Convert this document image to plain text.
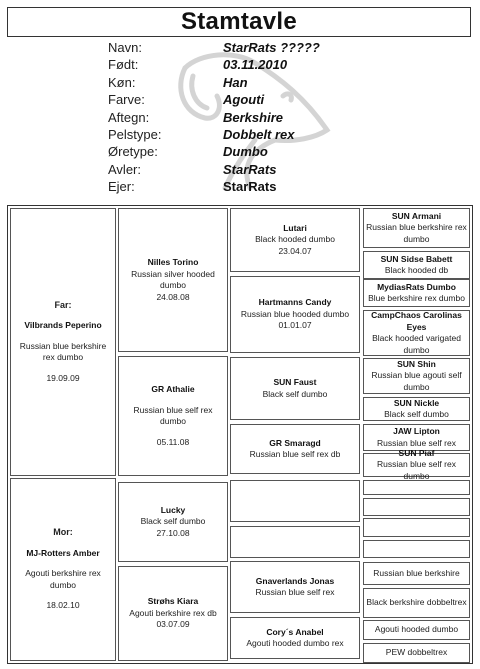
Stamtavle
Navn:	StarRats ?????
Født:	03.11.2010
Køn:	Han
Farve:	Agouti
Aftegn:	Berkshire
Pelstype:	Dobbelt rex
Øretype:	Dumbo
Avler:	StarRats
Ejer:	StarRats
Far:
Vilbrands Peperino
Russian blue berkshire rex dumbo
19.09.09
Mor:
MJ-Rotters Amber
Agouti berkshire rex dumbo
18.02.10
Nilles Torino
Russian silver hooded dumbo
24.08.08
GR Athalie
Russian blue self rex dumbo
05.11.08
Lucky
Black self dumbo
27.10.08
Strøhs Kiara
Agouti berkshire rex db
03.07.09
Lutari
Black hooded dumbo
23.04.07
Hartmanns Candy
Russian blue hooded dumbo
01.01.07
SUN Faust
Black self dumbo
GR Smaragd
Russian blue self rex db
Gnaverlands Jonas
Russian blue self rex
Cory´s Anabel
Agouti hooded dumbo rex
SUN Armani
Russian blue berkshire rex dumbo
SUN Sidse Babett
Black hooded db
MydiasRats Dumbo
Blue berkshire rex dumbo
CampChaos Carolinas Eyes
Black hooded varigated dumbo
SUN Shin
Russian blue agouti self dumbo
SUN Nickle
Black self dumbo
JAW Lipton
Russian blue self rex
SUN Piaf
Russian blue self rex dumbo
Russian blue berkshire
Black berkshire dobbeltrex
Agouti hooded dumbo
PEW dobbeltrex
